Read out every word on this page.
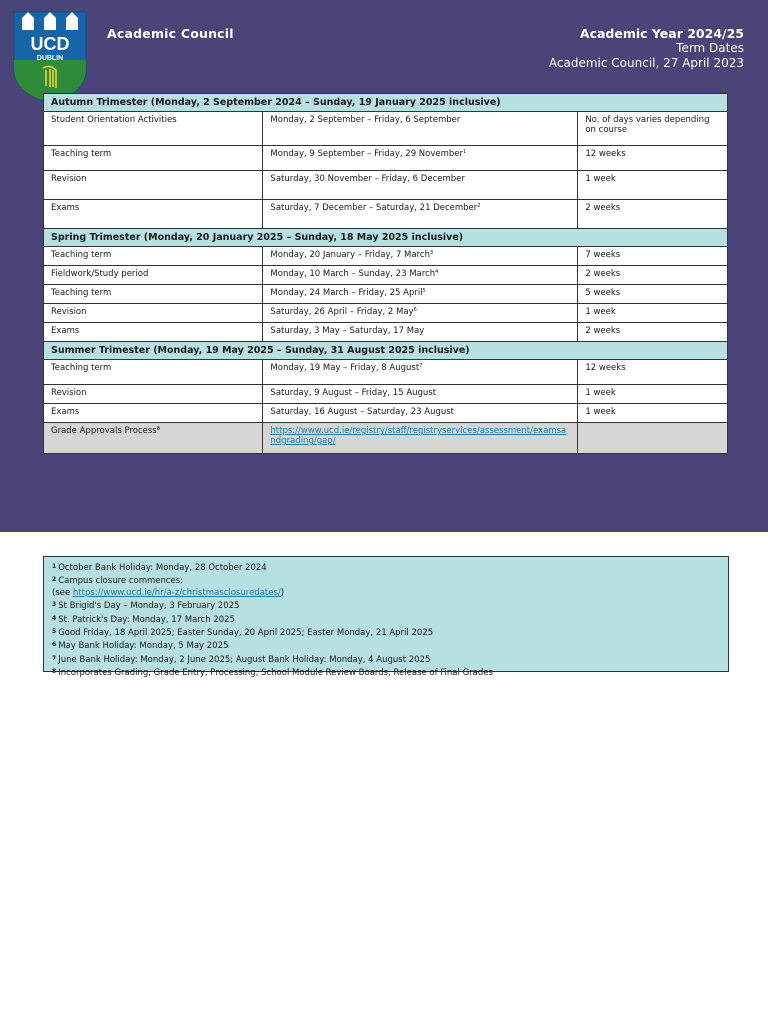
UCD
DUBLIN
Academic Council	Academic Year 2024/25
Term Dates
Academic Council, 27 April 2023
Autumn Trimester (Monday, 2 September 2024 – Sunday, 19 January 2025 inclusive)		
Student Orientation Activities	Monday, 2 September – Friday, 6 September	No. of days varies depending on course
Teaching term	Monday, 9 September – Friday, 29 November$^1$	12 weeks
Revision	Saturday, 30 November – Friday, 6 December	1 week
Exams	Saturday, 7 December – Saturday, 21 December$^2$	2 weeks
Spring Trimester (Monday, 20 January 2025 – Sunday, 18 May 2025 inclusive)		
Teaching term	Monday, 20 January – Friday, 7 March$^3$	7 weeks
Fieldwork/Study period	Monday, 10 March – Sunday, 23 March$^4$	2 weeks
Teaching term	Monday, 24 March – Friday, 25 April$^5$	5 weeks
Revision	Saturday, 26 April – Friday, 2 May$^6$	1 week
Exams	Saturday, 3 May – Saturday, 17 May	2 weeks
Summer Trimester (Monday, 19 May 2025 – Sunday, 31 August 2025 inclusive)		
Teaching term	Monday, 19 May – Friday, 8 August$^7$	12 weeks
Revision	Saturday, 9 August – Friday, 15 August	1 week
Exams	Saturday, 16 August – Saturday, 23 August	1 week
Grade Approvals Process$^8$	https://www.ucd.ie/registry/staff/registryservices/assessment/examsandgrading/gap/	
$^1$ October Bank Holiday: Monday, 28 October 2024
$^2$ Campus closure commences:
(see https://www.ucd.ie/hr/a-z/christmasclosuredates/)
$^3$ St Brigid's Day – Monday, 3 February 2025
$^4$ St. Patrick's Day: Monday, 17 March 2025
$^5$ Good Friday, 18 April 2025; Easter Sunday, 20 April 2025; Easter Monday, 21 April 2025
$^6$ May Bank Holiday: Monday, 5 May 2025
$^7$ June Bank Holiday: Monday, 2 June 2025; August Bank Holiday: Monday, 4 August 2025
$^8$ Incorporates Grading, Grade Entry, Processing, School Module Review Boards, Release of Final Grades
